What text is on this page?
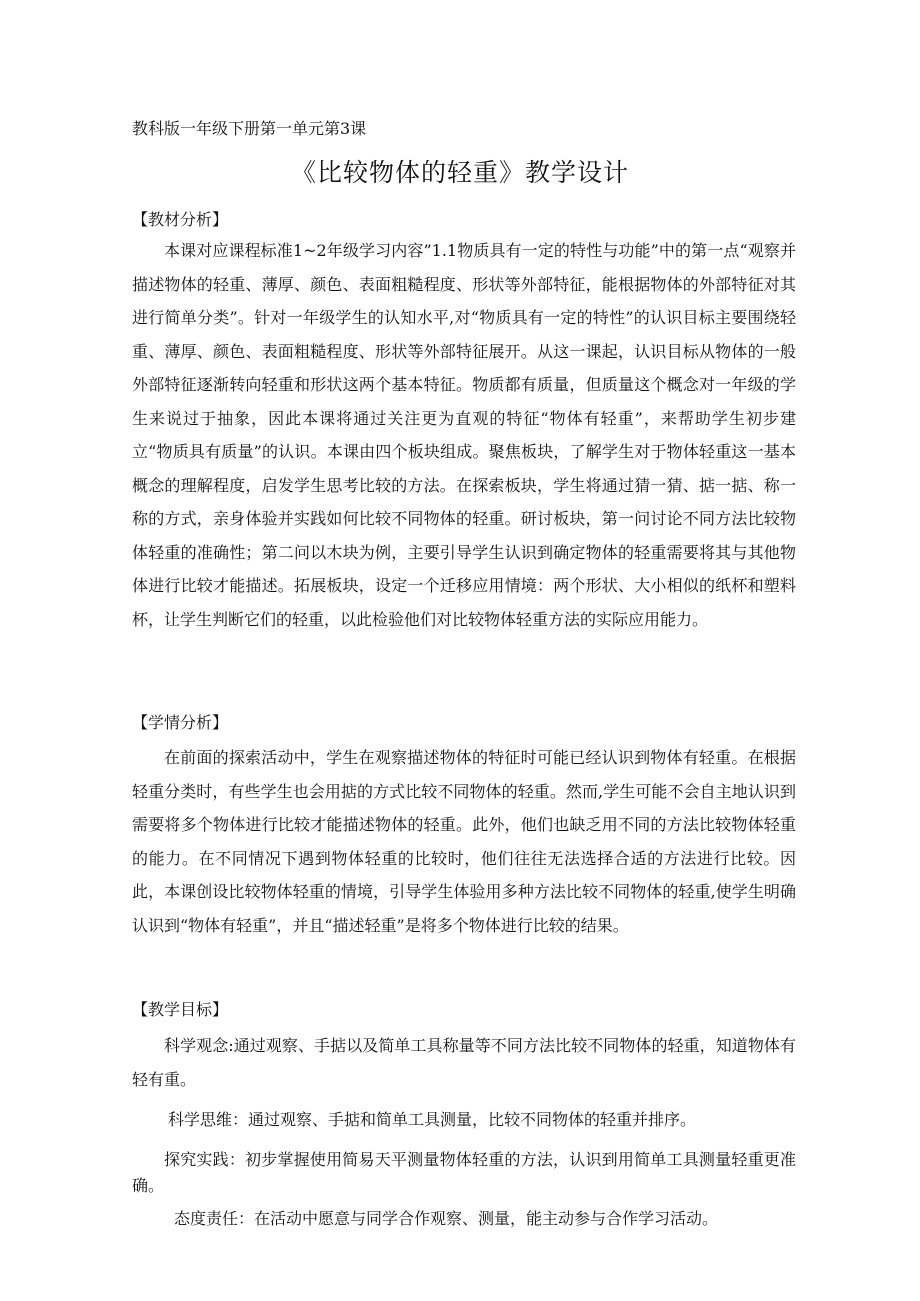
教科版一年级下册第一单元第3课
《比较物体的轻重》教学设计
【教材分析】
本课对应课程标准1~2年级学习内容”1.1物质具有一定的特性与功能”中的第一点“观察并描述物体的轻重、薄厚、颜色、表面粗糙程度、形状等外部特征，能根据物体的外部特征对其进行简单分类”。针对一年级学生的认知水平,对“物质具有一定的特性”的认识目标主要围绕轻重、薄厚、颜色、表面粗糙程度、形状等外部特征展开。从这一课起，认识目标从物体的一般外部特征逐渐转向轻重和形状这两个基本特征。物质都有质量，但质量这个概念对一年级的学生来说过于抽象，因此本课将通过关注更为直观的特征“物体有轻重”，来帮助学生初步建立“物质具有质量”的认识。本课由四个板块组成。聚焦板块，了解学生对于物体轻重这一基本概念的理解程度，启发学生思考比较的方法。在探索板块，学生将通过猜一猜、掂一掂、称一称的方式，亲身体验并实践如何比较不同物体的轻重。研讨板块，第一问讨论不同方法比较物体轻重的准确性；第二问以木块为例，主要引导学生认识到确定物体的轻重需要将其与其他物体进行比较才能描述。拓展板块，设定一个迁移应用情境：两个形状、大小相似的纸杯和塑料杯，让学生判断它们的轻重，以此检验他们对比较物体轻重方法的实际应用能力。
【学情分析】
在前面的探索活动中，学生在观察描述物体的特征时可能已经认识到物体有轻重。在根据轻重分类时，有些学生也会用掂的方式比较不同物体的轻重。然而,学生可能不会自主地认识到需要将多个物体进行比较才能描述物体的轻重。此外，他们也缺乏用不同的方法比较物体轻重的能力。在不同情况下遇到物体轻重的比较时，他们往往无法选择合适的方法进行比较。因此，本课创设比较物体轻重的情境，引导学生体验用多种方法比较不同物体的轻重,使学生明确认识到“物体有轻重”，并且“描述轻重”是将多个物体进行比较的结果。
【教学目标】
科学观念:通过观察、手掂以及简单工具称量等不同方法比较不同物体的轻重，知道物体有轻有重。
科学思维：通过观察、手掂和简单工具测量，比较不同物体的轻重并排序。
探究实践：初步掌握使用简易天平测量物体轻重的方法，认识到用简单工具测量轻重更准确。
态度责任：在活动中愿意与同学合作观察、测量，能主动参与合作学习活动。
